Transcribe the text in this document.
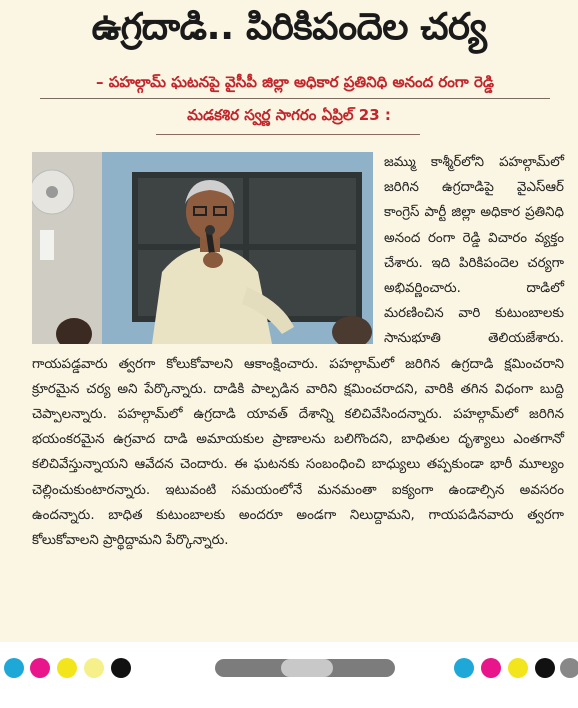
ఉగ్రదాడి.. పిరికిపందెల చర్య
– పహల్గామ్ ఘటనపై వైసీపీ జిల్లా అధికార ప్రతినిధి అనంద రంగా రెడ్డి
మడకశిర స్వర్ణ సాగరం ఏప్రిల్ 23 :

జమ్ము కాశ్మీర్‌లోని పహల్గామ్‌లో జరిగిన ఉగ్రదాడిపై వైఎస్‌ఆర్ కాంగ్రెస్ పార్టీ జిల్లా అధికార ప్రతినిధి అనంద రంగా రెడ్డి విచారం వ్యక్తం చేశారు. ఇది పిరికిపందెల చర్యగా అభివర్ణించారు. దాడిలో మరణించిన వారి కుటుంబాలకు సానుభూతి తెలియజేశారు. గాయపడ్డవారు త్వరగా కోలుకోవాలని ఆకాంక్షించారు. పహల్గామ్‌లో జరిగిన ఉగ్రదాడి క్షమించరాని క్రూరమైన చర్య అని పేర్కొన్నారు. దాడికి పాల్పడిన వారిని క్షమించరాదని, వారికి తగిన విధంగా బుద్ది చెప్పాలన్నారు. పహల్గామ్‌లో ఉగ్రదాడి యావత్ దేశాన్ని కలిచివేసిందన్నారు. పహల్గామ్‌లో జరిగిన భయంకరమైన ఉగ్రవాద దాడి అమాయకుల ప్రాణాలను బలిగొందని, బాధితుల దృశ్యాలు ఎంతగానో కలిచివేస్తున్నాయని ఆవేదన చెందారు. ఈ ఘటనకు సంబంధించి బాధ్యులు తప్పకుండా భారీ మూల్యం చెల్లించుకుంటారన్నారు. ఇటువంటి సమయంలోనే మనమంతా ఐక్యంగా ఉండాల్సిన అవసరం ఉందన్నారు. బాధిత కుటుంబాలకు అందరూ అండగా నిలుద్దామని, గాయపడినవారు త్వరగా కోలుకోవాలని ప్రార్థిద్దామని పేర్కొన్నారు.
